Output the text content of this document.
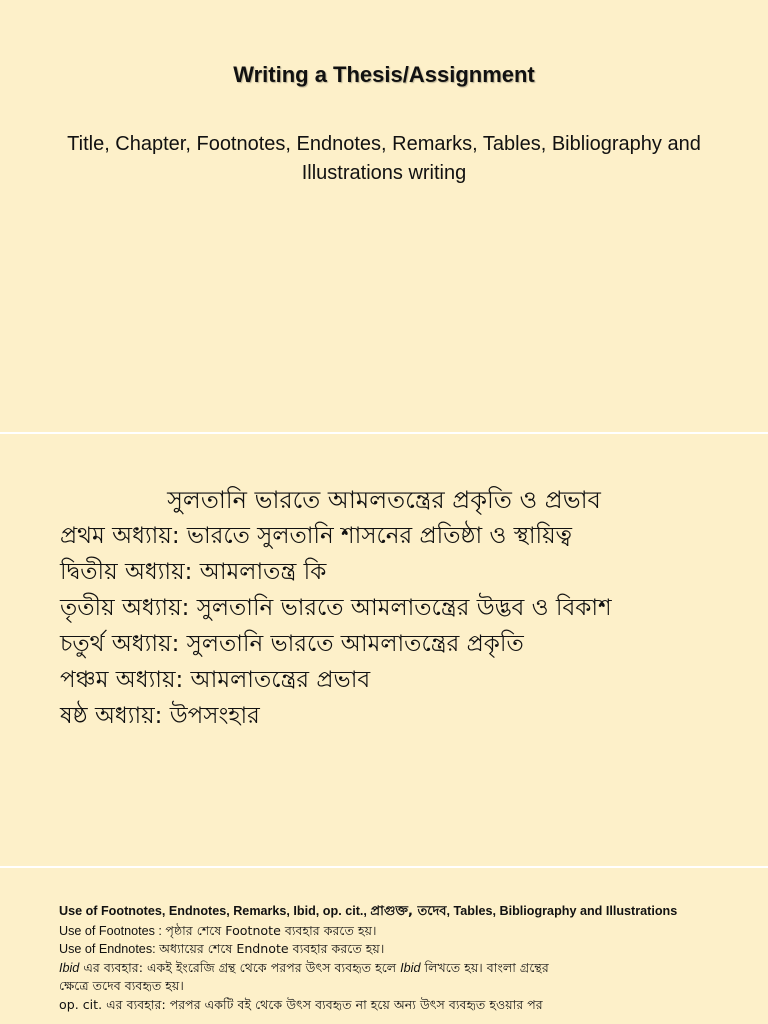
Writing a Thesis/Assignment
Title, Chapter, Footnotes, Endnotes, Remarks, Tables, Bibliography and Illustrations writing
সুলতানি ভারতে আমলতন্ত্রের প্রকৃতি ও প্রভাব
প্রথম অধ্যায়: ভারতে সুলতানি শাসনের প্রতিষ্ঠা ও স্থায়িত্ব
দ্বিতীয় অধ্যায়: আমলাতন্ত্র কি
তৃতীয় অধ্যায়: সুলতানি ভারতে আমলাতন্ত্রের উদ্ভব ও বিকাশ
চতুর্থ অধ্যায়: সুলতানি ভারতে আমলাতন্ত্রের প্রকৃতি
পঞ্চম অধ্যায়: আমলাতন্ত্রের প্রভাব
ষষ্ঠ অধ্যায়: উপসংহার
Use of Footnotes, Endnotes, Remarks, Ibid, op. cit., প্রাগুক্ত, তদেব, Tables, Bibliography and Illustrations
Use of Footnotes : পৃষ্ঠার শেষে Footnote ব্যবহার করতে হয়।
Use of Endnotes: অধ্যায়ের শেষে Endnote ব্যবহার করতে হয়।
Ibid এর ব্যবহার: একই ইংরেজি গ্রন্থ থেকে পরপর উৎস ব্যবহৃত হলে Ibid লিখতে হয়। বাংলা গ্রন্থের
ক্ষেত্রে তদেব ব্যবহৃত হয়।
op. cit. এর ব্যবহার: পরপর একটি বই থেকে উৎস ব্যবহৃত না হয়ে অন্য উৎস ব্যবহৃত হওয়ার পর
